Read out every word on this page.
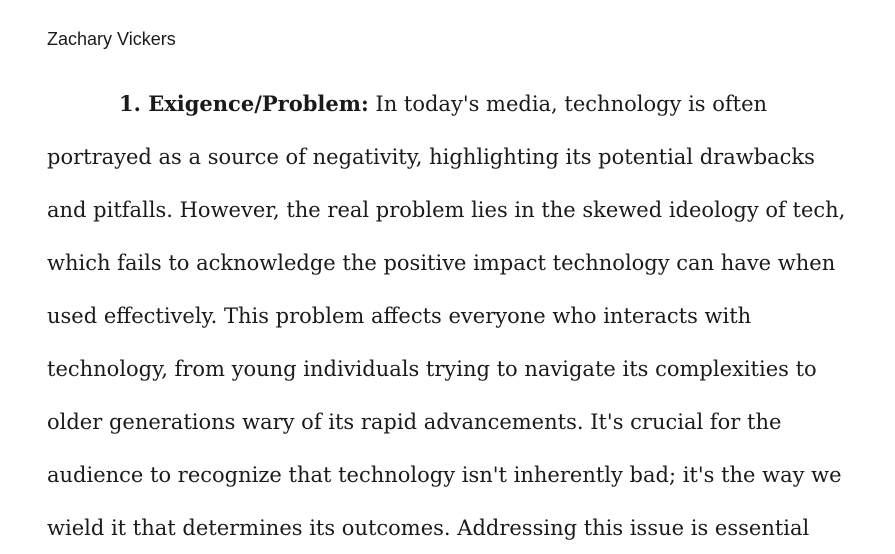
Zachary Vickers
1. Exigence/Problem: In today's media, technology is often
portrayed as a source of negativity, highlighting its potential drawbacks
and pitfalls. However, the real problem lies in the skewed ideology of tech,
which fails to acknowledge the positive impact technology can have when
used effectively. This problem affects everyone who interacts with
technology, from young individuals trying to navigate its complexities to
older generations wary of its rapid advancements. It's crucial for the
audience to recognize that technology isn't inherently bad; it's the way we
wield it that determines its outcomes. Addressing this issue is essential
